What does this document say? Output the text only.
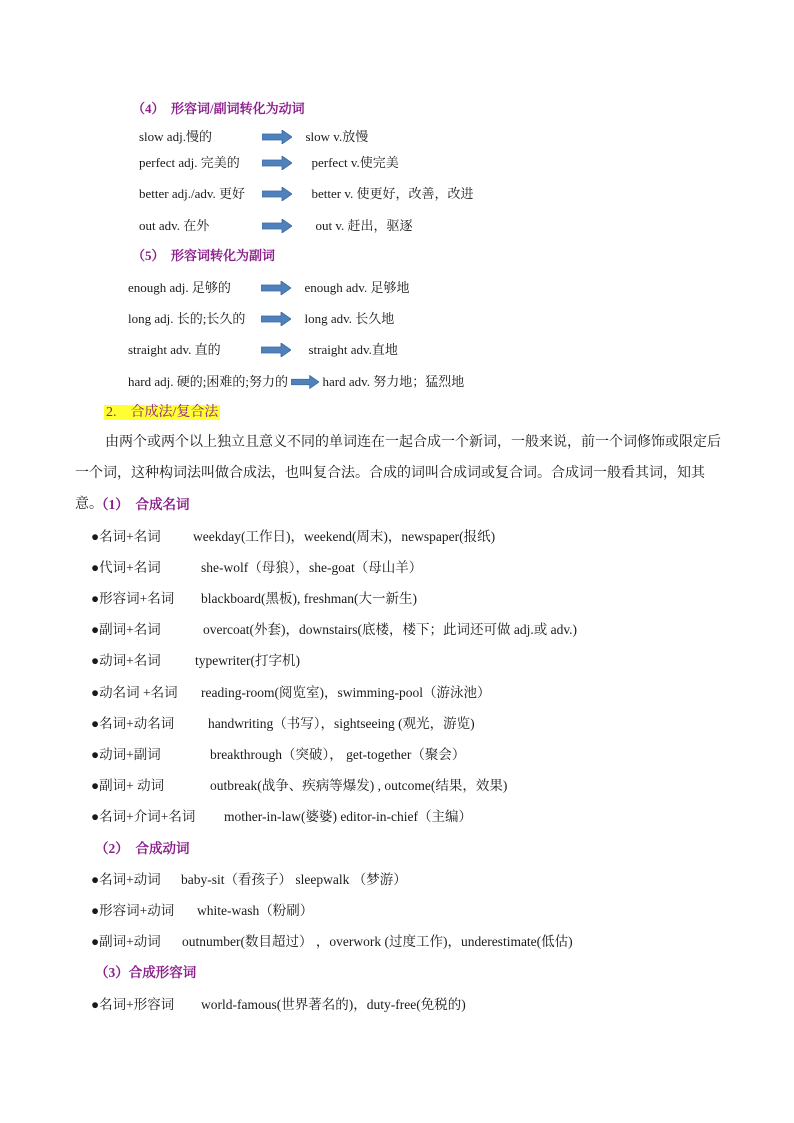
（4）　形容词/副词转化为动词
slow adj.慢的	slow v.放慢
perfect adj. 完美的	perfect v.使完美
better adj./adv. 更好	better v. 使更好，改善，改进
out adv. 在外	out v. 赶出，驱逐
（5）　形容词转化为副词
enough adj. 足够的	enough adv. 足够地
long adj. 长的;长久的	long adv. 长久地
straight adv. 直的	straight adv.直地
hard adj. 硬的;困难的;努力的	hard adv. 努力地；猛烈地
2.　合成法/复合法
由两个或两个以上独立且意义不同的单词连在一起合成一个新词，一般来说，前一个词修饰或限定后一个词，这种构词法叫做合成法，也叫复合法。合成的词叫合成词或复合词。合成词一般看其词，知其意。
（1）　合成名词
●名词+名词 weekday(工作日)，weekend(周末)，newspaper(报纸)
●代词+名词	she-wolf（母狼），she-goat（母山羊）
●形容词+名词 blackboard(黑板), freshman(大一新生)
●副词+名词	overcoat(外套)，downstairs(底楼，楼下；此词还可做 adj.或 adv.)
●动词+名词	typewriter(打字机)
●动名词 +名词 reading-room(阅览室)，swimming-pool（游泳池）
●名词+动名词 handwriting（书写），sightseeing (观光，游览)
●动词+副词	breakthrough（突破）， get-together（聚会）
●副词+ 动词	outbreak(战争、疾病等爆发) , outcome(结果，效果)
●名词+介词+名词 mother-in-law(婆婆) editor-in-chief（主编）
（2）　合成动词
●名词+动词 baby-sit（看孩子） sleepwalk （梦游）
●形容词+动词 white-wash（粉刷）
●副词+动词 outnumber(数目超过） ，overwork (过度工作)，underestimate(低估)
（3）合成形容词
●名词+形容词 world-famous(世界著名的)，duty-free(免税的)
